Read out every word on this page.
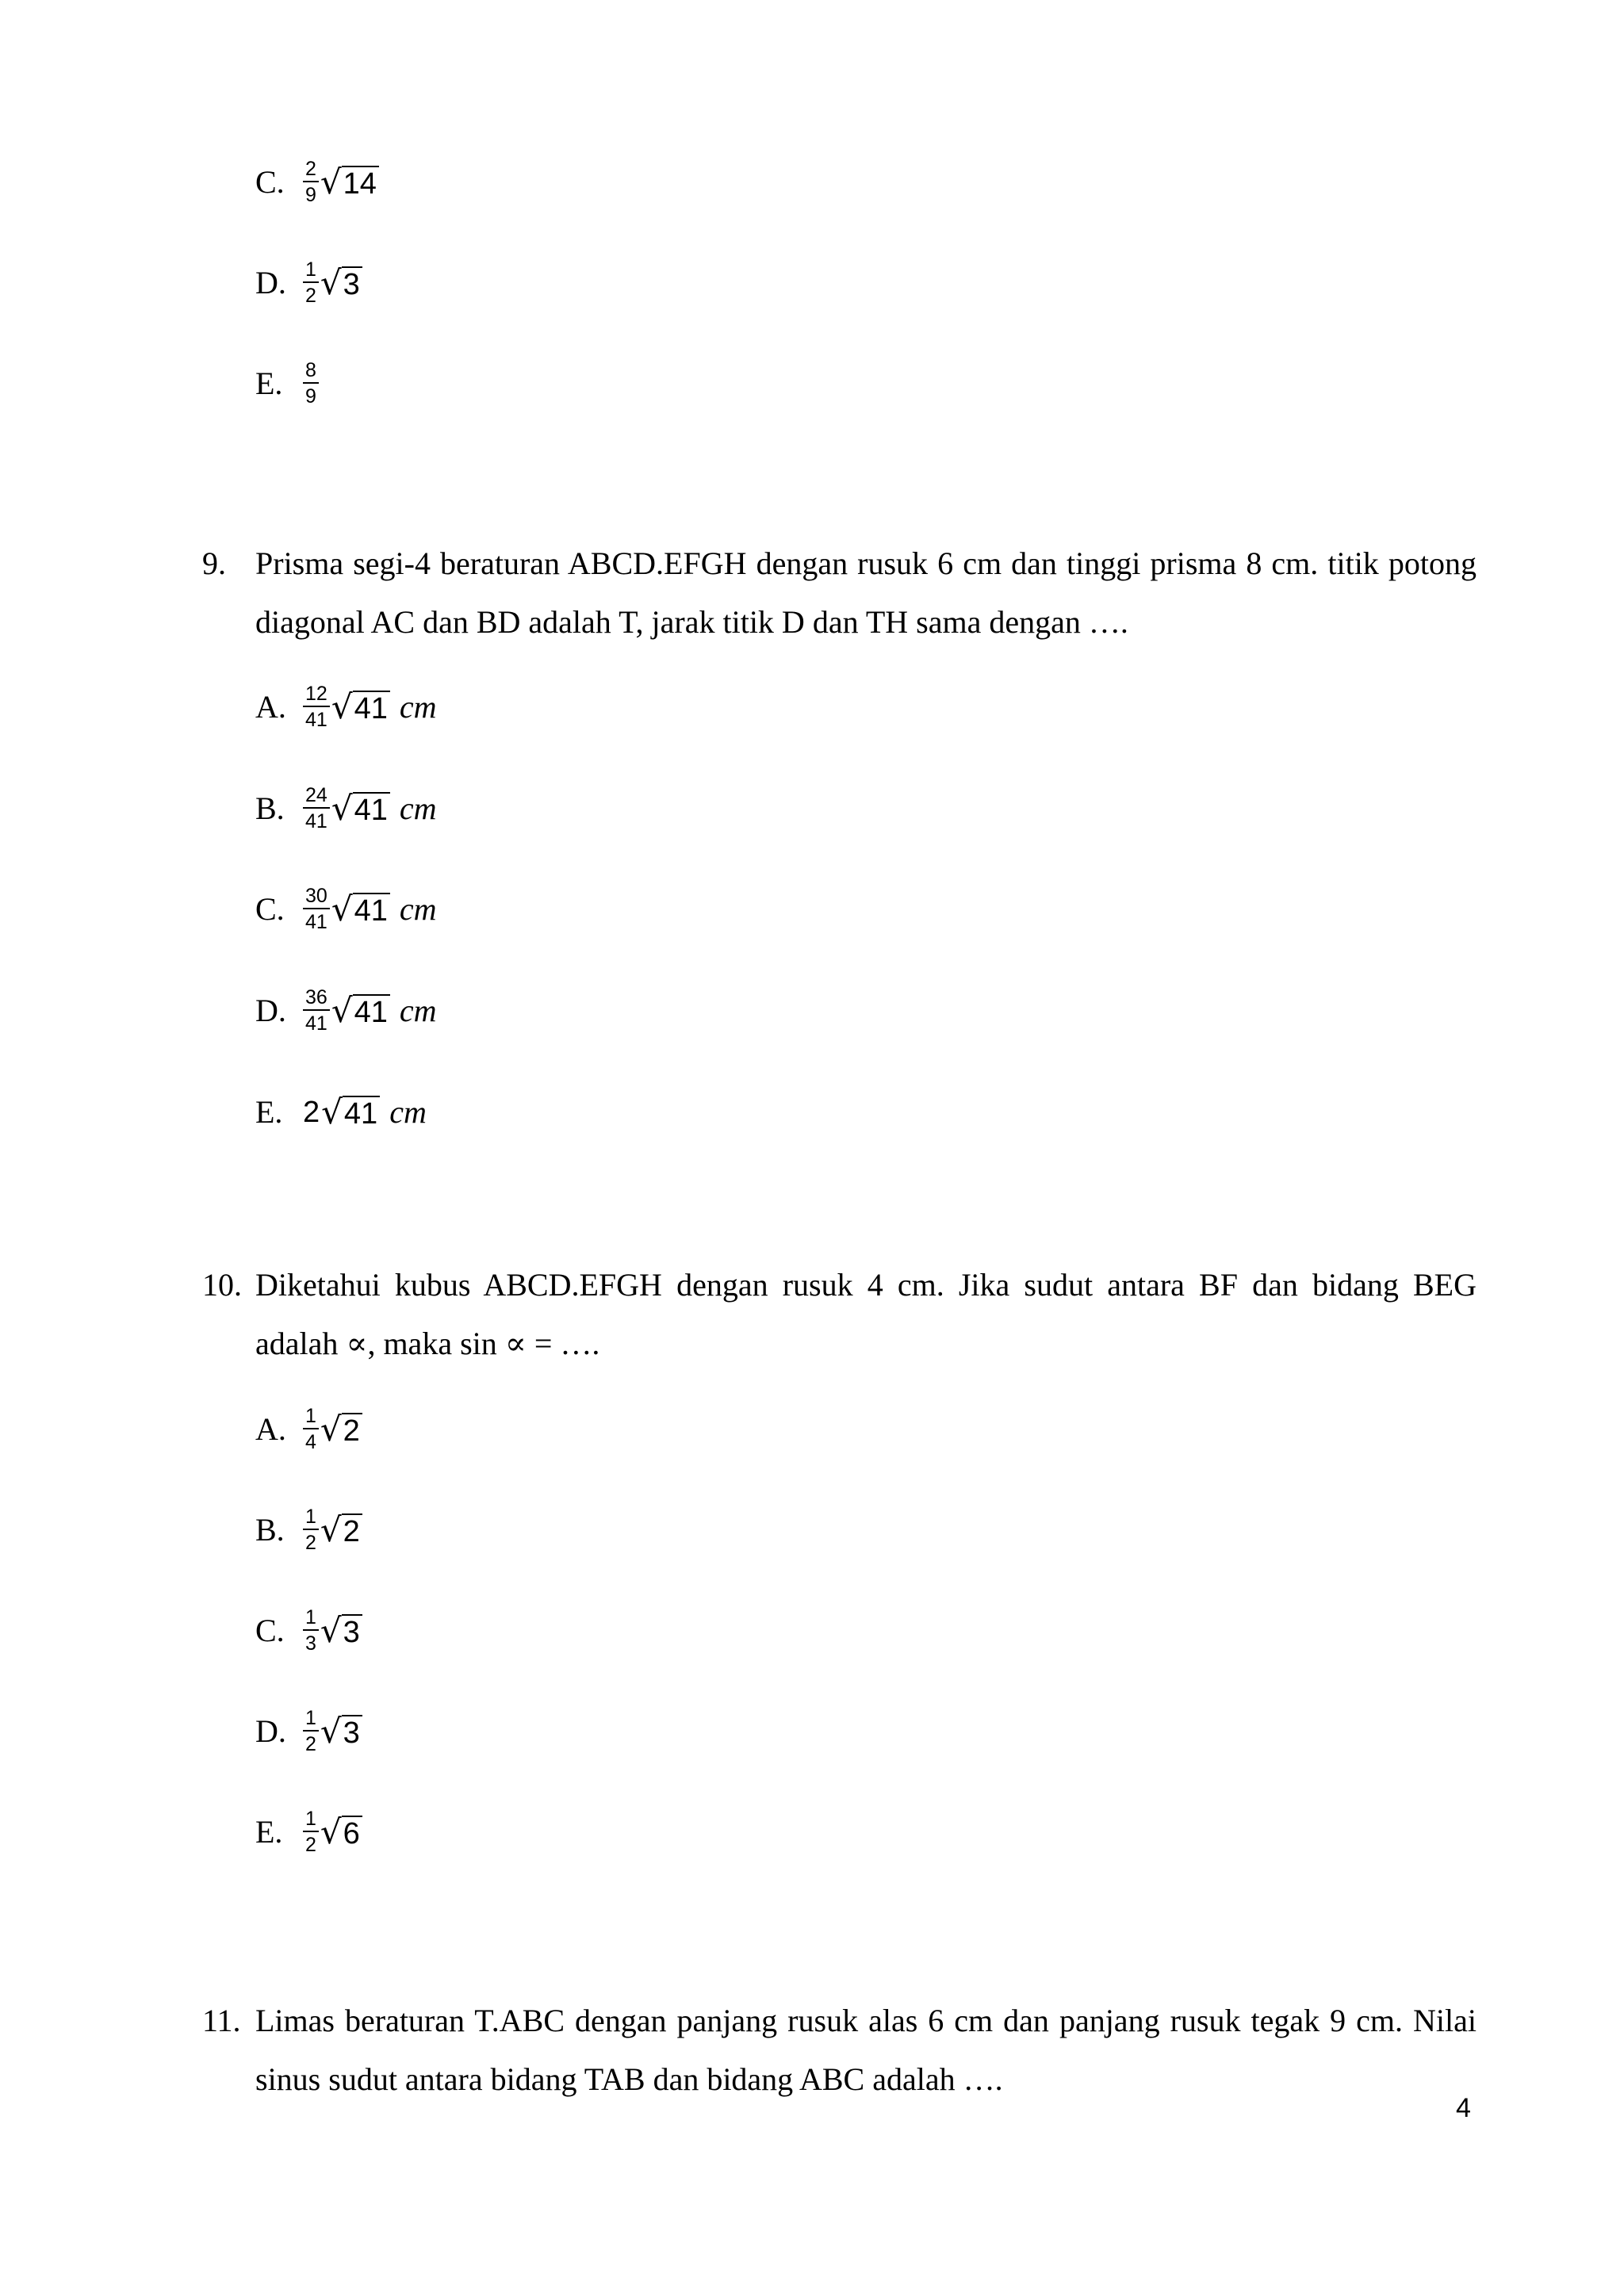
C. $\frac{2}{9}$ √ 14
D. $\frac{1}{2}$ √ 3
E.	$\frac{8}{9}$
9. Prisma segi-4 beraturan ABCD.EFGH dengan rusuk 6 cm dan tinggi prisma 8 cm. titik potong diagonal AC dan BD adalah T, jarak titik D dan TH sama dengan ….
A. $\frac{12}{41}$ √ 41 cm
B. $\frac{24}{41}$ √ 41 cm
C. $\frac{30}{41}$ √ 41 cm
D. $\frac{36}{41}$ √ 41 cm
E. 2 √ 41 cm
10. Diketahui kubus ABCD.EFGH dengan rusuk 4 cm. Jika sudut antara BF dan bidang BEG adalah ∝, maka sin ∝ = ….
A. $\frac{1}{4}$ √ 2
B. $\frac{1}{2}$ √ 2
C. $\frac{1}{3}$ √ 3
D. $\frac{1}{2}$ √ 3
E.	$\frac{1}{2}$ √ 6
11. Limas beraturan T.ABC dengan panjang rusuk alas 6 cm dan panjang rusuk tegak 9 cm. Nilai sinus sudut antara bidang TAB dan bidang ABC adalah ….
4
